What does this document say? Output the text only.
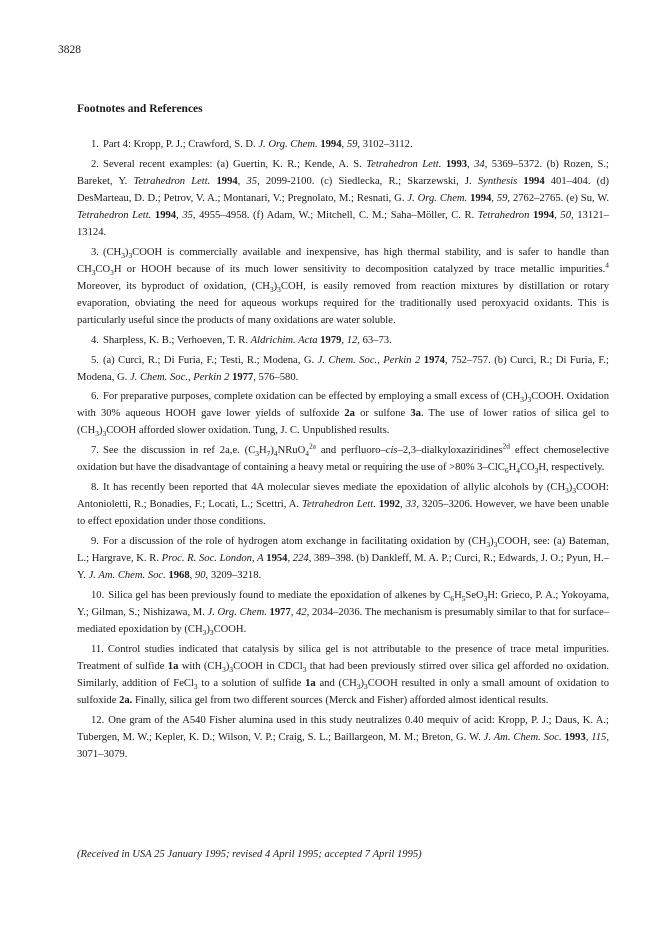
3828
Footnotes and References

1. Part 4: Kropp, P. J.; Crawford, S. D. J. Org. Chem. 1994, 59, 3102–3112.

2. Several recent examples: (a) Guertin, K. R.; Kende, A. S. Tetrahedron Lett. 1993, 34, 5369–5372. (b) Rozen, S.; Bareket, Y. Tetrahedron Lett. 1994, 35, 2099-2100. (c) Siedlecka, R.; Skarzewski, J. Synthesis 1994 401–404. (d) DesMarteau, D. D.; Petrov, V. A.; Montanari, V.; Pregnolato, M.; Resnati, G. J. Org. Chem. 1994, 59, 2762–2765. (e) Su, W. Tetrahedron Lett. 1994, 35, 4955–4958. (f) Adam, W.; Mitchell, C. M.; Saha–Möller, C. R. Tetrahedron 1994, 50, 13121–13124.

3. $(CH_3)_3COOH$ is commercially available and inexpensive, has high thermal stability, and is safer to handle than $CH_3CO_3H$ or HOOH because of its much lower sensitivity to decomposition catalyzed by trace metallic impurities.$^4$ Moreover, its byproduct of oxidation, $(CH_3)_3COH$, is easily removed from reaction mixtures by distillation or rotary evaporation, obviating the need for aqueous workups required for the traditionally used peroxyacid oxidants. This is particularly useful since the products of many oxidations are water soluble.

4. Sharpless, K. B.; Verhoeven, T. R. Aldrichim. Acta 1979, 12, 63–73.

5. (a) Curci, R.; Di Furia, F.; Testi, R.; Modena, G. J. Chem. Soc., Perkin 2 1974, 752–757. (b) Curci, R.; Di Furia, F.; Modena, G. J. Chem. Soc., Perkin 2 1977, 576–580.

6. For preparative purposes, complete oxidation can be effected by employing a small excess of $(CH_3)_3COOH$. Oxidation with 30% aqueous HOOH gave lower yields of sulfoxide 2a or sulfone 3a. The use of lower ratios of silica gel to $(CH_3)_3COOH$ afforded slower oxidation. Tung, J. C. Unpublished results.

7. See the discussion in ref 2a,e. $(C_3H_7)_4NRuO_4^{2a}$ and perfluoro–cis–2,3–dialkyloxaziridines$^{2d}$ effect chemoselective oxidation but have the disadvantage of containing a heavy metal or requiring the use of >80% $3-ClC_6H_4CO_3H$, respectively.

8. It has recently been reported that 4A molecular sieves mediate the epoxidation of allylic alcohols by $(CH_3)_3COOH$: Antonioletti, R.; Bonadies, F.; Locati, L.; Scettri, A. Tetrahedron Lett. 1992, 33, 3205–3206. However, we have been unable to effect epoxidation under those conditions.

9. For a discussion of the role of hydrogen atom exchange in facilitating oxidation by $(CH_3)_3COOH$, see: (a) Bateman, L.; Hargrave, K. R. Proc. R. Soc. London, A 1954, 224, 389–398. (b) Dankleff, M. A. P.; Curci, R.; Edwards, J. O.; Pyun, H.–Y. J. Am. Chem. Soc. 1968, 90, 3209–3218.

10. Silica gel has been previously found to mediate the epoxidation of alkenes by $C_6H_5SeO_3H$: Grieco, P. A.; Yokoyama, Y.; Gilman, S.; Nishizawa, M. J. Org. Chem. 1977, 42, 2034–2036. The mechanism is presumably similar to that for surface–mediated epoxidation by $(CH_3)_3COOH$.

11. Control studies indicated that catalysis by silica gel is not attributable to the presence of trace metal impurities. Treatment of sulfide 1a with $(CH_3)_3COOH$ in CDCl$_3$ that had been previously stirred over silica gel afforded no oxidation. Similarly, addition of FeCl$_3$ to a solution of sulfide 1a and $(CH_3)_3COOH$ resulted in only a small amount of oxidation to sulfoxide 2a. Finally, silica gel from two different sources (Merck and Fisher) afforded almost identical results.

12. One gram of the A540 Fisher alumina used in this study neutralizes 0.40 mequiv of acid: Kropp, P. J.; Daus, K. A.; Tubergen, M. W.; Kepler, K. D.; Wilson, V. P.; Craig, S. L.; Baillargeon, M. M.; Breton, G. W. J. Am. Chem. Soc. 1993, 115, 3071–3079.

(Received in USA 25 January 1995; revised 4 April 1995; accepted 7 April 1995)
